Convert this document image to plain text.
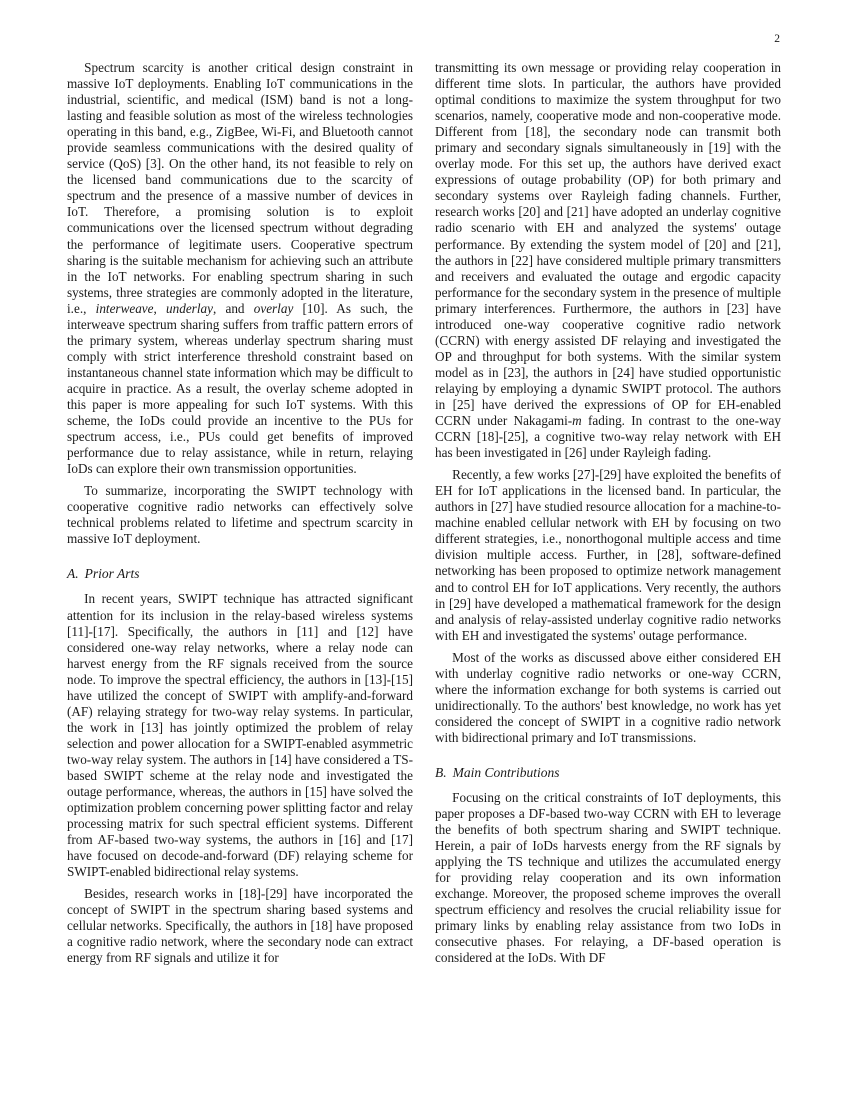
2

Spectrum scarcity is another critical design constraint in massive IoT deployments. Enabling IoT communications in the industrial, scientific, and medical (ISM) band is not a long-lasting and feasible solution as most of the wireless technologies operating in this band, e.g., ZigBee, Wi-Fi, and Bluetooth cannot provide seamless communications with the desired quality of service (QoS) [3]. On the other hand, its not feasible to rely on the licensed band communications due to the scarcity of spectrum and the presence of a massive number of devices in IoT. Therefore, a promising solution is to exploit communications over the licensed spectrum without degrading the performance of legitimate users. Cooperative spectrum sharing is the suitable mechanism for achieving such an attribute in the IoT networks. For enabling spectrum sharing in such systems, three strategies are commonly adopted in the literature, i.e., interweave, underlay, and overlay [10]. As such, the interweave spectrum sharing suffers from traffic pattern errors of the primary system, whereas underlay spectrum sharing must comply with strict interference threshold constraint based on instantaneous channel state information which may be difficult to acquire in practice. As a result, the overlay scheme adopted in this paper is more appealing for such IoT systems. With this scheme, the IoDs could provide an incentive to the PUs for spectrum access, i.e., PUs could get benefits of improved performance due to relay assistance, while in return, relaying IoDs can explore their own transmission opportunities.

To summarize, incorporating the SWIPT technology with cooperative cognitive radio networks can effectively solve technical problems related to lifetime and spectrum scarcity in massive IoT deployment.

A. Prior Arts

In recent years, SWIPT technique has attracted significant attention for its inclusion in the relay-based wireless systems [11]-[17]. Specifically, the authors in [11] and [12] have considered one-way relay networks, where a relay node can harvest energy from the RF signals received from the source node. To improve the spectral efficiency, the authors in [13]-[15] have utilized the concept of SWIPT with amplify-and-forward (AF) relaying strategy for two-way relay systems. In particular, the work in [13] has jointly optimized the problem of relay selection and power allocation for a SWIPT-enabled asymmetric two-way relay system. The authors in [14] have considered a TS-based SWIPT scheme at the relay node and investigated the outage performance, whereas, the authors in [15] have solved the optimization problem concerning power splitting factor and relay processing matrix for such spectral efficient systems. Different from AF-based two-way systems, the authors in [16] and [17] have focused on decode-and-forward (DF) relaying scheme for SWIPT-enabled bidirectional relay systems.

Besides, research works in [18]-[29] have incorporated the concept of SWIPT in the spectrum sharing based systems and cellular networks. Specifically, the authors in [18] have proposed a cognitive radio network, where the secondary node can extract energy from RF signals and utilize it for

transmitting its own message or providing relay cooperation in different time slots. In particular, the authors have provided optimal conditions to maximize the system throughput for two scenarios, namely, cooperative mode and non-cooperative mode. Different from [18], the secondary node can transmit both primary and secondary signals simultaneously in [19] with the overlay mode. For this set up, the authors have derived exact expressions of outage probability (OP) for both primary and secondary systems over Rayleigh fading channels. Further, research works [20] and [21] have adopted an underlay cognitive radio scenario with EH and analyzed the systems' outage performance. By extending the system model of [20] and [21], the authors in [22] have considered multiple primary transmitters and receivers and evaluated the outage and ergodic capacity performance for the secondary system in the presence of multiple primary interferences. Furthermore, the authors in [23] have introduced one-way cooperative cognitive radio network (CCRN) with energy assisted DF relaying and investigated the OP and throughput for both systems. With the similar system model as in [23], the authors in [24] have studied opportunistic relaying by employing a dynamic SWIPT protocol. The authors in [25] have derived the expressions of OP for EH-enabled CCRN under Nakagami-m fading. In contrast to the one-way CCRN [18]-[25], a cognitive two-way relay network with EH has been investigated in [26] under Rayleigh fading.

Recently, a few works [27]-[29] have exploited the benefits of EH for IoT applications in the licensed band. In particular, the authors in [27] have studied resource allocation for a machine-to-machine enabled cellular network with EH by focusing on two different strategies, i.e., nonorthogonal multiple access and time division multiple access. Further, in [28], software-defined networking has been proposed to optimize network management and to control EH for IoT applications. Very recently, the authors in [29] have developed a mathematical framework for the design and analysis of relay-assisted underlay cognitive radio networks with EH and investigated the systems' outage performance.

Most of the works as discussed above either considered EH with underlay cognitive radio networks or one-way CCRN, where the information exchange for both systems is carried out unidirectionally. To the authors' best knowledge, no work has yet considered the concept of SWIPT in a cognitive radio network with bidirectional primary and IoT transmissions.

B. Main Contributions

Focusing on the critical constraints of IoT deployments, this paper proposes a DF-based two-way CCRN with EH to leverage the benefits of both spectrum sharing and SWIPT technique. Herein, a pair of IoDs harvests energy from the RF signals by applying the TS technique and utilizes the accumulated energy for providing relay cooperation and its own information exchange. Moreover, the proposed scheme improves the overall spectrum efficiency and resolves the crucial reliability issue for primary links by enabling relay assistance from two IoDs in consecutive phases. For relaying, a DF-based operation is considered at the IoDs. With DF
